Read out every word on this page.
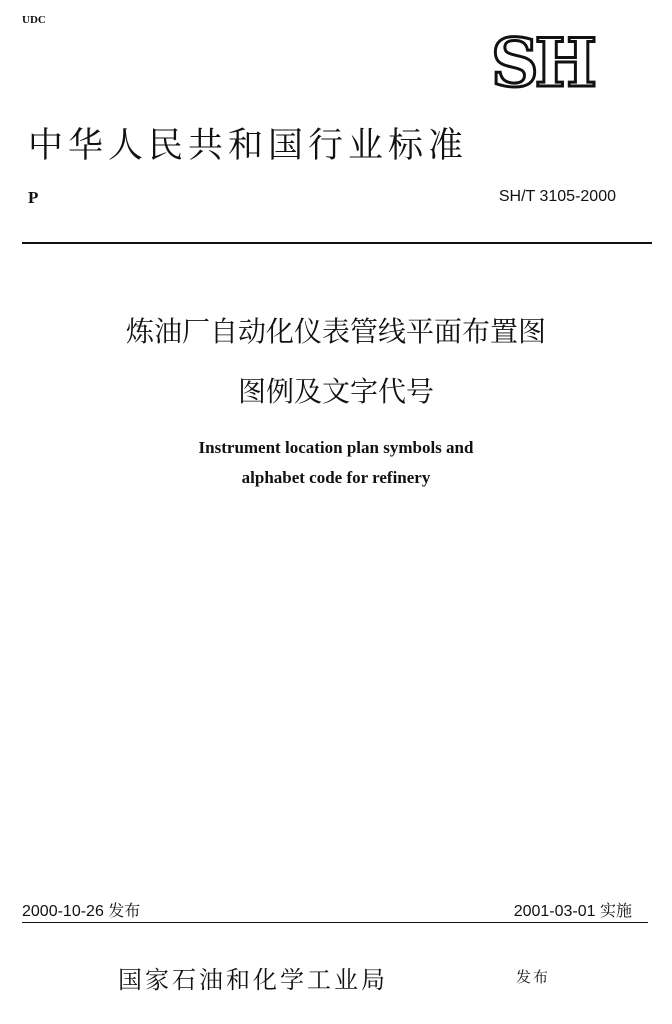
UDC
SH
中华人民共和国行业标准
P	SH/T 3105-2000
炼油厂自动化仪表管线平面布置图
图例及文字代号
Instrument location plan symbols and
alphabet code for refinery
2000-10-26 发布	2001-03-01 实施
国家石油和化学工业局	发布
